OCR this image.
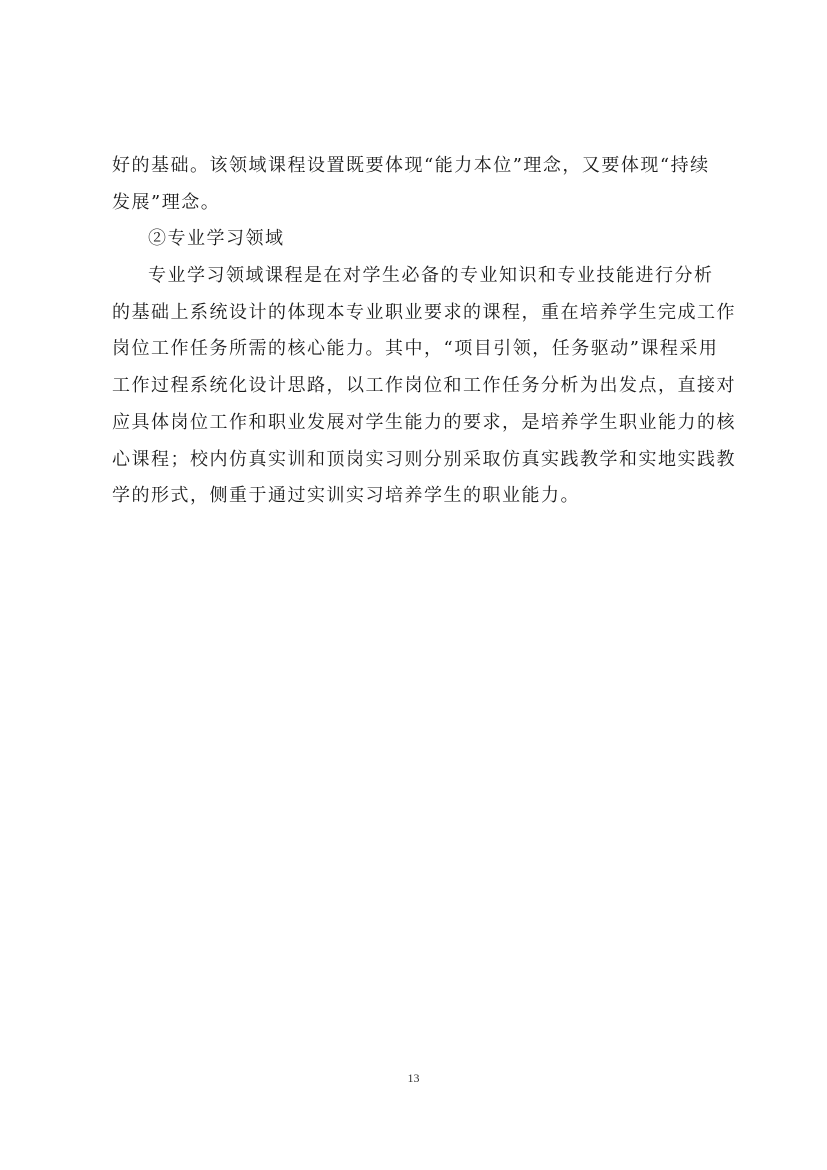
好的基础。该领域课程设置既要体现“能力本位”理念，又要体现“持续
发展”理念。
②专业学习领域
专业学习领域课程是在对学生必备的专业知识和专业技能进行分析
的基础上系统设计的体现本专业职业要求的课程，重在培养学生完成工作
岗位工作任务所需的核心能力。其中，“项目引领，任务驱动”课程采用
工作过程系统化设计思路，以工作岗位和工作任务分析为出发点，直接对
应具体岗位工作和职业发展对学生能力的要求，是培养学生职业能力的核
心课程；校内仿真实训和顶岗实习则分别采取仿真实践教学和实地实践教
学的形式，侧重于通过实训实习培养学生的职业能力。
13
